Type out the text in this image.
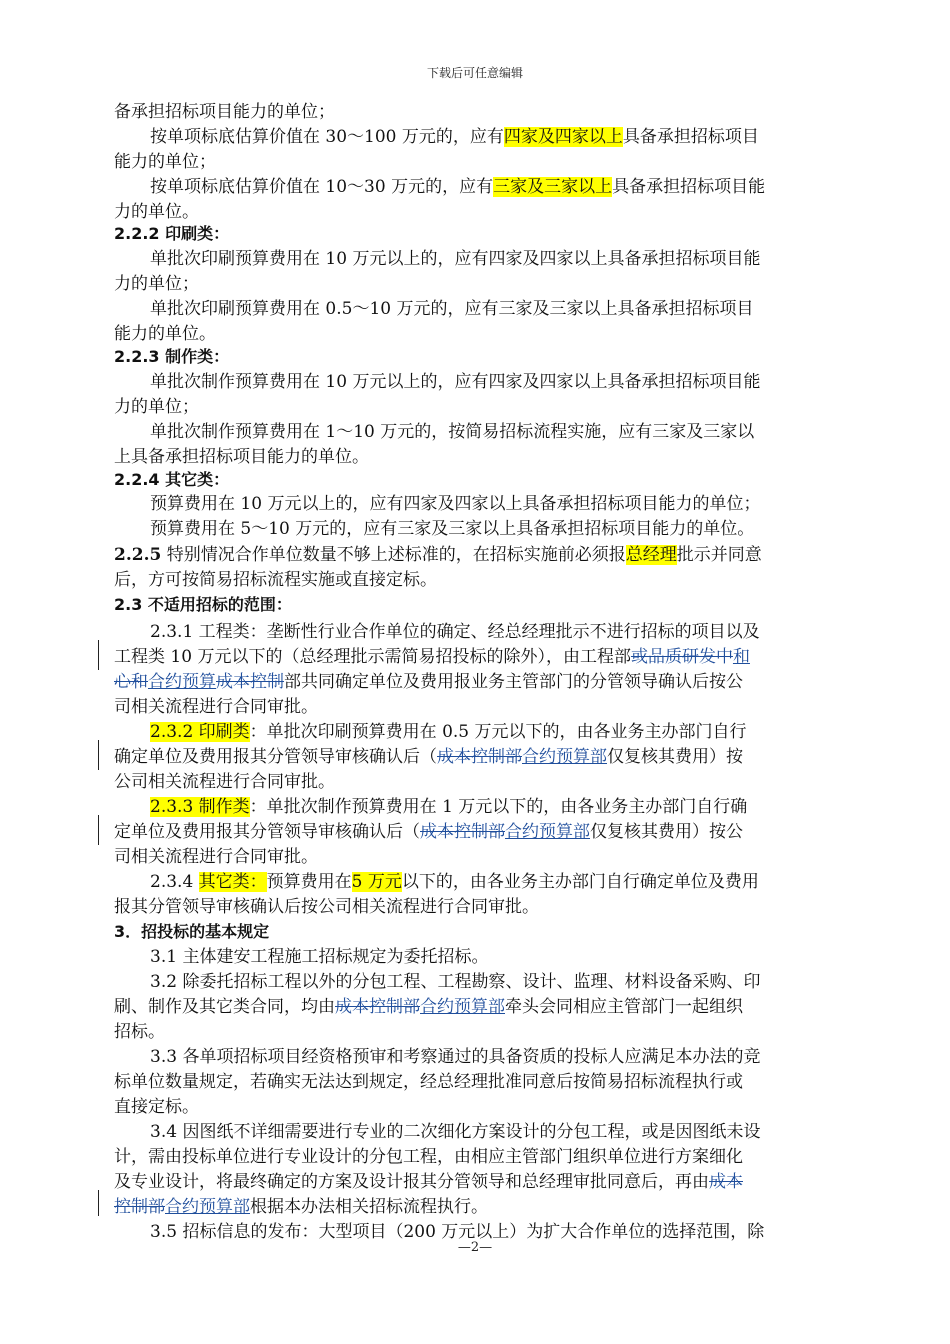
下载后可任意编辑
备承担招标项目能力的单位；
按单项标底估算价值在 30～100 万元的，应有四家及四家以上具备承担招标项目
能力的单位；
按单项标底估算价值在 10～30 万元的，应有三家及三家以上具备承担招标项目能
力的单位。
2.2.2 印刷类：
单批次印刷预算费用在 10 万元以上的，应有四家及四家以上具备承担招标项目能
力的单位；
单批次印刷预算费用在 0.5～10 万元的，应有三家及三家以上具备承担招标项目
能力的单位。
2.2.3 制作类：
单批次制作预算费用在 10 万元以上的，应有四家及四家以上具备承担招标项目能
力的单位；
单批次制作预算费用在 1～10 万元的，按简易招标流程实施，应有三家及三家以
上具备承担招标项目能力的单位。
2.2.4 其它类：
预算费用在 10 万元以上的，应有四家及四家以上具备承担招标项目能力的单位；
预算费用在 5～10 万元的，应有三家及三家以上具备承担招标项目能力的单位。
2.2.5 特别情况合作单位数量不够上述标准的，在招标实施前必须报总经理批示并同意
后，方可按简易招标流程实施或直接定标。
2.3 不适用招标的范围：
2.3.1 工程类：垄断性行业合作单位的确定、经总经理批示不进行招标的项目以及
工程类 10 万元以下的（总经理批示需简易招投标的除外），由工程部或品质研发中和
心和合约预算成本控制部共同确定单位及费用报业务主管部门的分管领导确认后按公
司相关流程进行合同审批。
2.3.2 印刷类：单批次印刷预算费用在 0.5 万元以下的，由各业务主办部门自行
确定单位及费用报其分管领导审核确认后（成本控制部合约预算部仅复核其费用）按
公司相关流程进行合同审批。
2.3.3 制作类：单批次制作预算费用在 1 万元以下的，由各业务主办部门自行确
定单位及费用报其分管领导审核确认后（成本控制部合约预算部仅复核其费用）按公
司相关流程进行合同审批。
2.3.4 其它类：预算费用在5 万元以下的，由各业务主办部门自行确定单位及费用
报其分管领导审核确认后按公司相关流程进行合同审批。
3．招投标的基本规定
3.1 主体建安工程施工招标规定为委托招标。
3.2 除委托招标工程以外的分包工程、工程勘察、设计、监理、材料设备采购、印
刷、制作及其它类合同，均由成本控制部合约预算部牵头会同相应主管部门一起组织
招标。
3.3 各单项招标项目经资格预审和考察通过的具备资质的投标人应满足本办法的竞
标单位数量规定，若确实无法达到规定，经总经理批准同意后按简易招标流程执行或
直接定标。
3.4 因图纸不详细需要进行专业的二次细化方案设计的分包工程，或是因图纸未设
计，需由投标单位进行专业设计的分包工程，由相应主管部门组织单位进行方案细化
及专业设计，将最终确定的方案及设计报其分管领导和总经理审批同意后，再由成本
控制部合约预算部根据本办法相关招标流程执行。
3.5 招标信息的发布：大型项目（200 万元以上）为扩大合作单位的选择范围，除
—2—
